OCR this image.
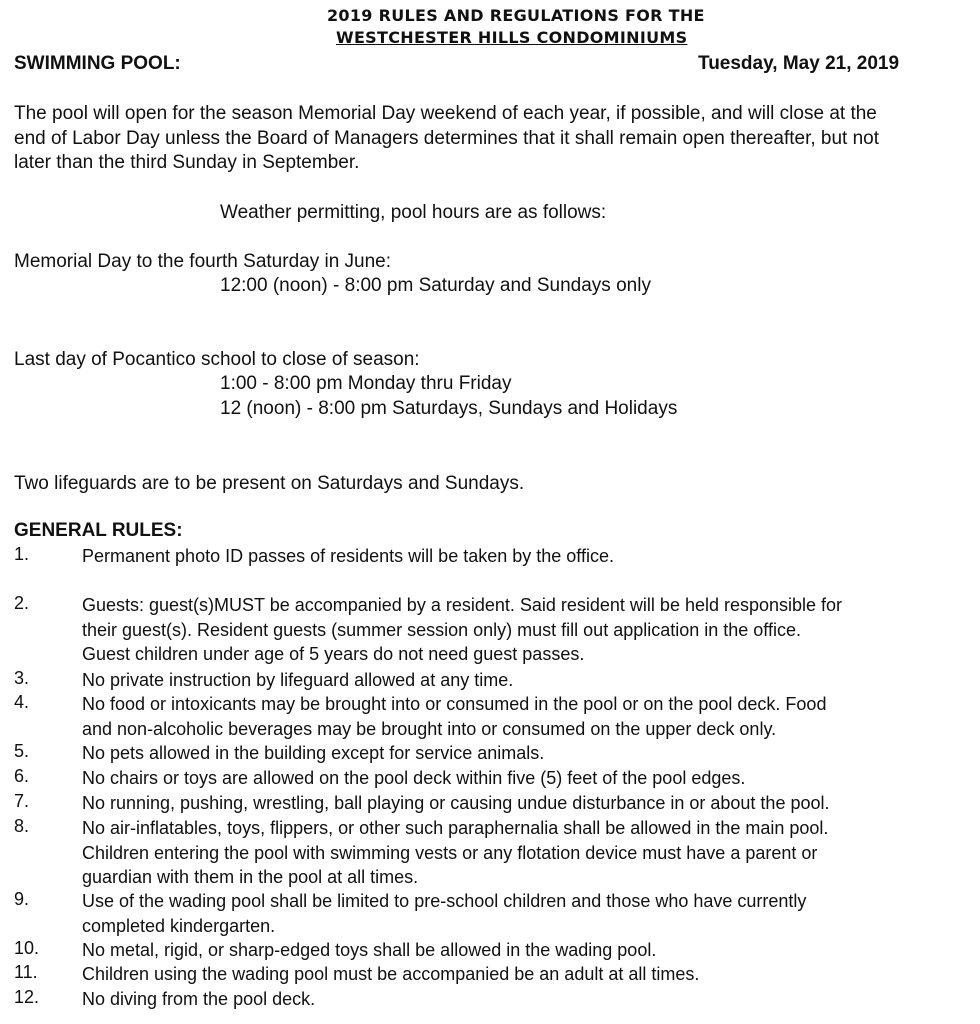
2019 RULES AND REGULATIONS FOR THE
WESTCHESTER HILLS CONDOMINIUMS
SWIMMING POOL:	Tuesday, May 21, 2019
The pool will open for the season Memorial Day weekend of each year, if possible, and will close at the
end of Labor Day unless the Board of Managers determines that it shall remain open thereafter, but not
later than the third Sunday in September.
Weather permitting, pool hours are as follows:
Memorial Day to the fourth Saturday in June:
12:00 (noon) - 8:00 pm Saturday and Sundays only
Last day of Pocantico school to close of season:
1:00 - 8:00 pm Monday thru Friday
12 (noon) - 8:00 pm Saturdays, Sundays and Holidays
Two lifeguards are to be present on Saturdays and Sundays.
GENERAL RULES:
1.	Permanent photo ID passes of residents will be taken by the office.
2.	Guests: guest(s)MUST be accompanied by a resident. Said resident will be held responsible for
their guest(s). Resident guests (summer session only) must fill out application in the office.
Guest children under age of 5 years do not need guest passes.
3.	No private instruction by lifeguard allowed at any time.
4.	No food or intoxicants may be brought into or consumed in the pool or on the pool deck. Food
and non-alcoholic beverages may be brought into or consumed on the upper deck only.
5.	No pets allowed in the building except for service animals.
6.	No chairs or toys are allowed on the pool deck within five (5) feet of the pool edges.
7.	No running, pushing, wrestling, ball playing or causing undue disturbance in or about the pool.
8.	No air-inflatables, toys, flippers, or other such paraphernalia shall be allowed in the main pool.
Children entering the pool with swimming vests or any flotation device must have a parent or
guardian with them in the pool at all times.
9.	Use of the wading pool shall be limited to pre-school children and those who have currently
completed kindergarten.
10. No metal, rigid, or sharp-edged toys shall be allowed in the wading pool.
11. Children using the wading pool must be accompanied be an adult at all times.
12. No diving from the pool deck.
